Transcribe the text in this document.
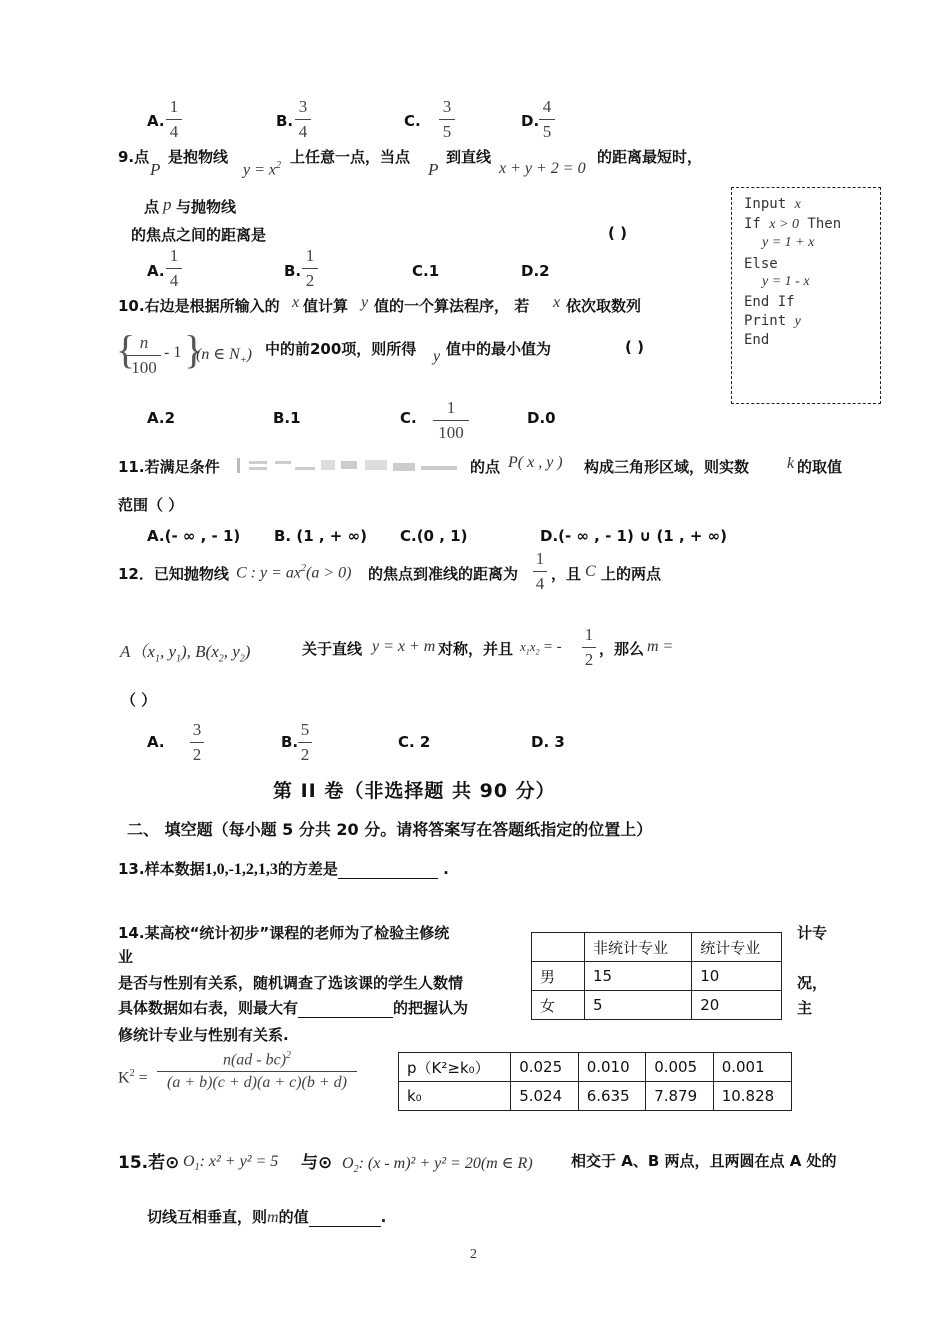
A.
1
4
B.
3
4
C.
3
5
D.
4
5
9.点
P
是抱物线
$y = x^2$ 上任意一点，当点
P
到直线
x + y + 2 = 0
的距离最短时，
点 p 与抛物线
的焦点之间的距离是	( )
A.
1
4	B.
1
2	C.1	D.2
Input x
If x > 0 Then
y = 1 + x
Else
y = 1 - x
End If
Print y
End
10.右边是根据所输入的 x 值计算 y 值的一个算法程序， 若 x 依次取数列
{ n
100
- 1 }
(n ∈ $N_+$) 中的前200项，则所得 y 值中的最小值为	( )
A.2	B.1	C.
1
100
D.0
11.若满足条件	的点 P( x , y ) 构成三角形区域，则实数 k 的取值
范围（ ）
A.(- ∞ , - 1) B. (1 , + ∞) C.(0 , 1)	D.(- ∞ , - 1) ∪ (1 , + ∞)
12．已知抛物线 C : $y = ax^2(a > 0)$ 的焦点到准线的距离为
1
4 ，且 C 上的两点
$A(x_1$, $y_1$), $B(x_2$, $y_2$)	关于直线 y = x + m 对称，并且 $x_1x_2$ = -
1
2
，那么 m =
（ ）
A.
3
2
B.
5
2
C. 2	D. 3
第 II 卷（非选择题 共 90 分）
二、 填空题（每小题 5 分共 20 分。请将答案写在答题纸指定的位置上）
13.样本数据1,0,-1,2,1,3的方差是	.
14.某高校“统计初步”课程的老师为了检验主修统	计专
业
是否与性别有关系，随机调查了选该课的学生人数情	况，
具体数据如右表，则最大有	的把握认为	主
修统计专业与性别有关系.
	非统计专业	统计专业
男	15	10
女	5	20
$K^2$ =
n(ad - bc)$^2$
(a + b)(c + d)(a + c)(b + d)
p（K²≥k₀）	0.025	0.010	0.005	0.001
k₀	5.024	6.635	7.879	10.828
15.若⊙ $O_1$: x² + y² = 5 与⊙ $O_2$: (x - m)² + y² = 20(m ∈ R)	相交于 A、B 两点，且两圆在点 A 处的
切线互相垂直，则m的值	.
2
